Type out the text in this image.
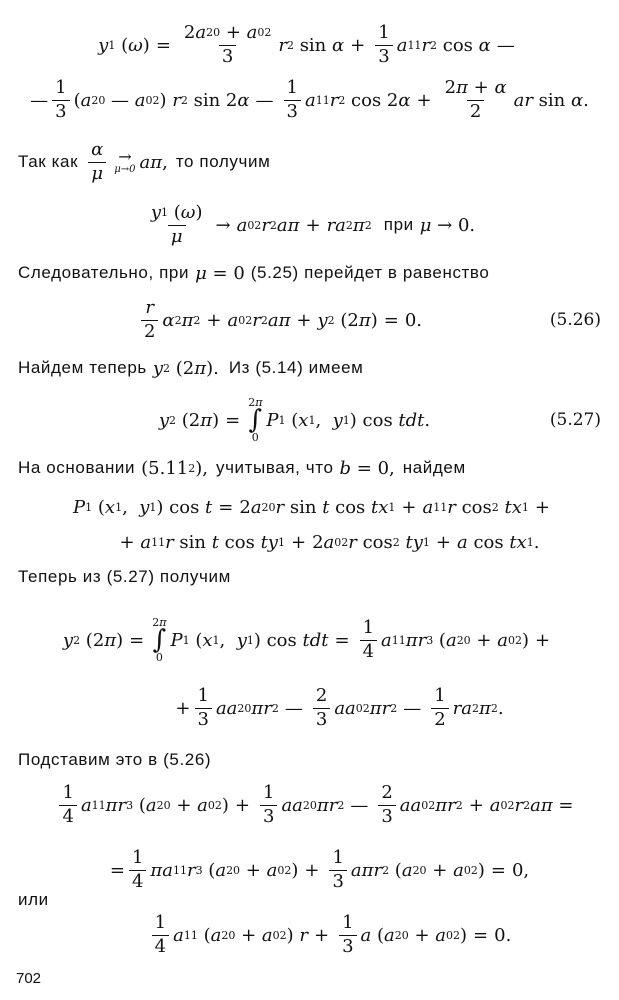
y 1 ( ω ) = $\frac{2 a 20 + a 02}{3}$ r 2 $\sin \alpha + \frac{1}{3}$ a 11 r 2 cos α —
—
1
3
( a 20 — a 02 ) r 2 sin 2 α —
1
3
a 11 r 2 cos 2 $\alpha + \frac{2 \pi + \alpha}{2}$ ar sin α .
Так как
α
μ
→
μ→0 aπ , то получим
y 1 ( ω )
μ
→ a 02 r 2 aπ + ra 2 π 2 при μ → 0.
Следовательно, при μ = 0 (5.25) перейдет в равенство
r
2
α 2 π 2 + a 02 r 2 aπ + y 2 (2 π ) = 0.	(5.26)
Найдем теперь y 2 (2 π ). Из (5.14) имеем
y 2 (2 π ) =
2π
∫
0
P 1 ( x 1 , y 1 ) cos tdt .	(5.27)
На основании (5.11 2 ), учитывая, что b = 0, найдем
P 1 ( x 1 , y 1 ) cos t = 2 a 20 r sin t cos tx 1 + a 11 r cos 2
tx 1 +
+ a 11 r sin t cos ty 1 + 2 a 02 r cos 2
ty 1 + a cos tx 1 .
Теперь из (5.27) получим
y 2 (2 π ) =
2π
∫
0
P 1 ( x 1 , y 1 ) cos tdt = $\frac{1}{4}$ a 11 πr 3 ( a 20 + a 02 ) +
+
1
3
aa 20 πr 2 —
2
3
aa 02 πr 2 —
1
2
ra 2 π 2 .
Подставим это в (5.26)
1
4
a 11 πr 3 ( a 20 + a 02 ) + $\frac{1}{3}$ aa 20 πr 2 —
2
3
aa 02 πr 2 + a 02 r 2 aπ =
=
1
4
πa 11 r 3 ( a 20 + a 02 ) + $\frac{1}{3}$ aπr 2 ( a 20 + a 02 ) = 0,
или
1
4
a 11 ( a 20 + a 02 ) $r + \frac{1}{3}$ a ( a 20 + a 02 ) = 0.
702
